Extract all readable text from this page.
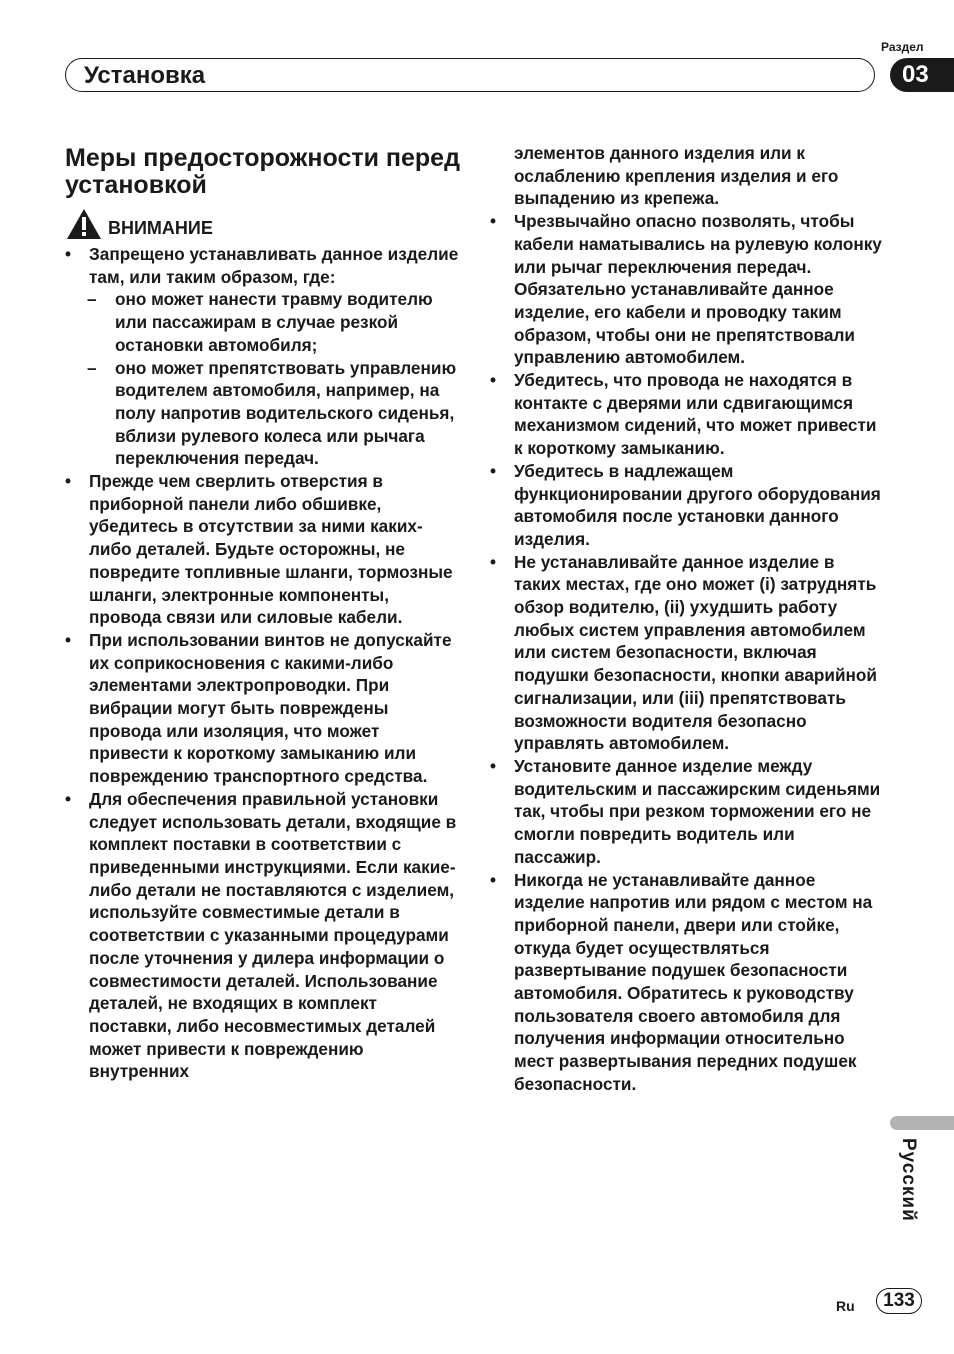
Раздел
03
Установка
Меры предосторожности перед установкой
ВНИМАНИЕ
• Запрещено устанавливать данное изделие там, или таким образом, где:
– оно может нанести травму водителю или пассажирам в случае резкой остановки автомобиля;
– оно может препятствовать управлению водителем автомобиля, например, на полу напротив водительского сиденья, вблизи рулевого колеса или рычага переключения передач.
• Прежде чем сверлить отверстия в приборной панели либо обшивке, убедитесь в отсутствии за ними каких-либо деталей. Будьте осторожны, не повредите топливные шланги, тормозные шланги, электронные компоненты, провода связи или силовые кабели.
• При использовании винтов не допускайте их соприкосновения с какими-либо элементами электропроводки. При вибрации могут быть повреждены провода или изоляция, что может привести к короткому замыканию или повреждению транспортного средства.
• Для обеспечения правильной установки следует использовать детали, входящие в комплект поставки в соответствии с приведенными инструкциями. Если какие-либо детали не поставляются с изделием, используйте совместимые детали в соответствии с указанными процедурами после уточнения у дилера информации о совместимости деталей. Использование деталей, не входящих в комплект поставки, либо несовместимых деталей может привести к повреждению внутренних
элементов данного изделия или к ослаблению крепления изделия и его выпадению из крепежа.
• Чрезвычайно опасно позволять, чтобы кабели наматывались на рулевую колонку или рычаг переключения передач. Обязательно устанавливайте данное изделие, его кабели и проводку таким образом, чтобы они не препятствовали управлению автомобилем.
• Убедитесь, что провода не находятся в контакте с дверями или сдвигающимся механизмом сидений, что может привести к короткому замыканию.
• Убедитесь в надлежащем функционировании другого оборудования автомобиля после установки данного изделия.
• Не устанавливайте данное изделие в таких местах, где оно может (i) затруднять обзор водителю, (ii) ухудшить работу любых систем управления автомобилем или систем безопасности, включая подушки безопасности, кнопки аварийной сигнализации, или (iii) препятствовать возможности водителя безопасно управлять автомобилем.
• Установите данное изделие между водительским и пассажирским сиденьями так, чтобы при резком торможении его не смогли повредить водитель или пассажир.
• Никогда не устанавливайте данное изделие напротив или рядом с местом на приборной панели, двери или стойке, откуда будет осуществляться развертывание подушек безопасности автомобиля. Обратитесь к руководству пользователя своего автомобиля для получения информации относительно мест развертывания передних подушек безопасности.
Русский
Ru	133
